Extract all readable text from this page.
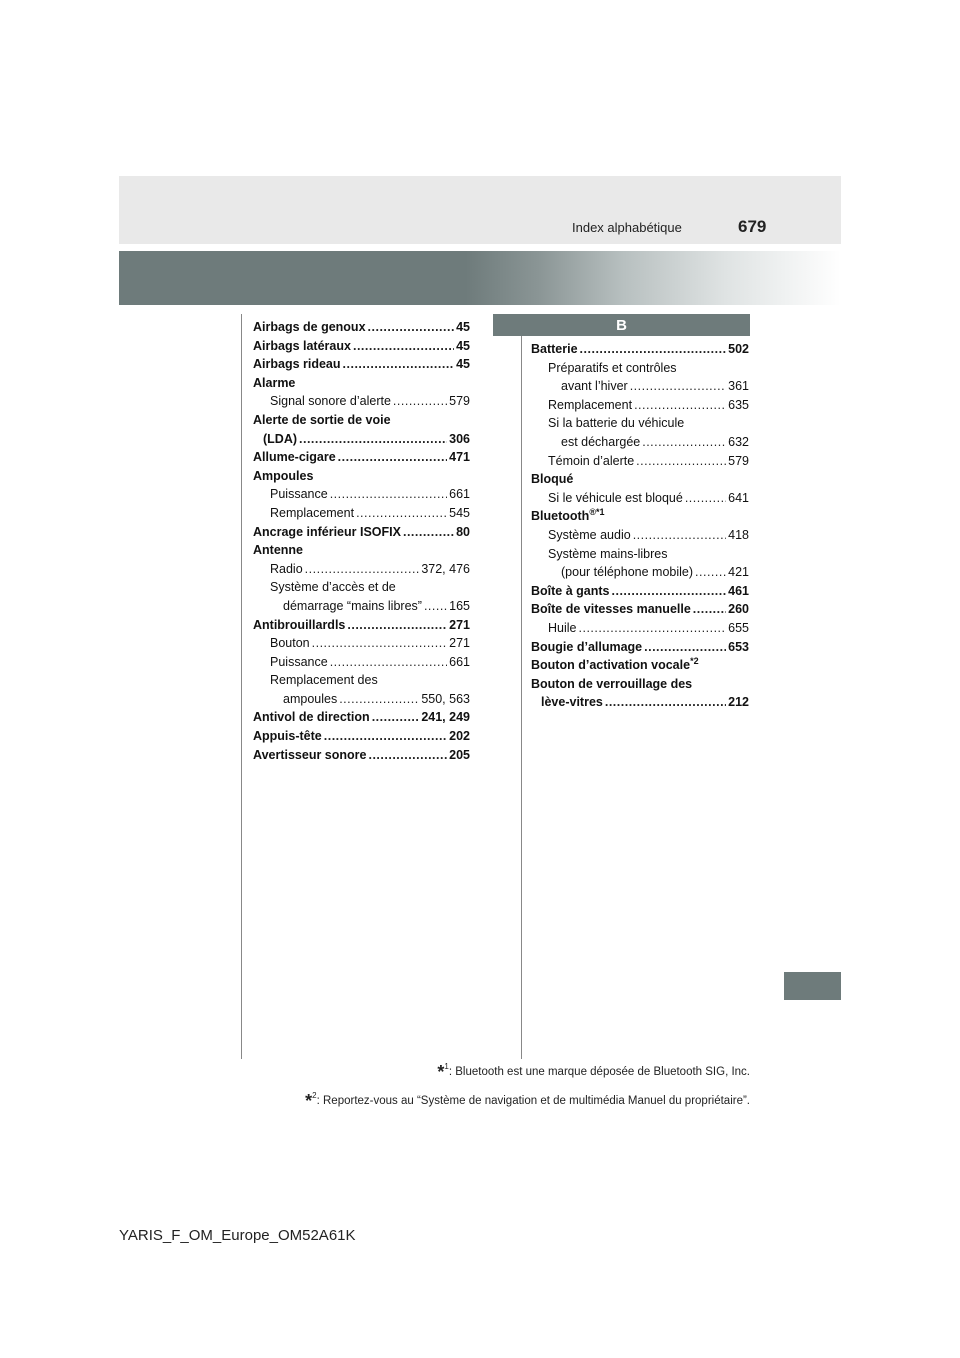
Index alphabétique	679
B
Airbags de genoux .....	45
Airbags latéraux .....	45
Airbags rideau .....	45
Alarme
Signal sonore d’alerte .....	579
Alerte de sortie de voie
(LDA) .....	306
Allume-cigare .....	471
Ampoules
Puissance .....	661
Remplacement .....	545
Ancrage inférieur ISOFIX .....	80
Antenne
Radio .....	372, 476
Système d’accès et de
démarrage “mains libres” ..... 165
Antibrouillardls .....	271
Bouton .....	271
Puissance .....	661
Remplacement des
ampoules .....	550, 563
Antivol de direction .....	241, 249
Appuis-tête .....	202
Avertisseur sonore .....	205
Batterie .....	502
Préparatifs et contrôles
avant l’hiver .....	361
Remplacement .....	635
Si la batterie du véhicule
est déchargée .....	632
Témoin d’alerte .....	579
Bloqué
Si le véhicule est bloqué .....	641
Bluetooth$^{®*1}$
Système audio .....	418
Système mains-libres
(pour téléphone mobile) .....	421
Boîte à gants .....	461
Boîte de vitesses manuelle .....	260
Huile .....	655
Bougie d’allumage .....	653
Bouton d’activation vocale$^{*2}$
Bouton de verrouillage des
lève-vitres .....	212
*$^1$: Bluetooth est une marque déposée de Bluetooth SIG, Inc.
*$^2$: Reportez-vous au “Système de navigation et de multimédia Manuel du propriétaire”.
YARIS_F_OM_Europe_OM52A61K
